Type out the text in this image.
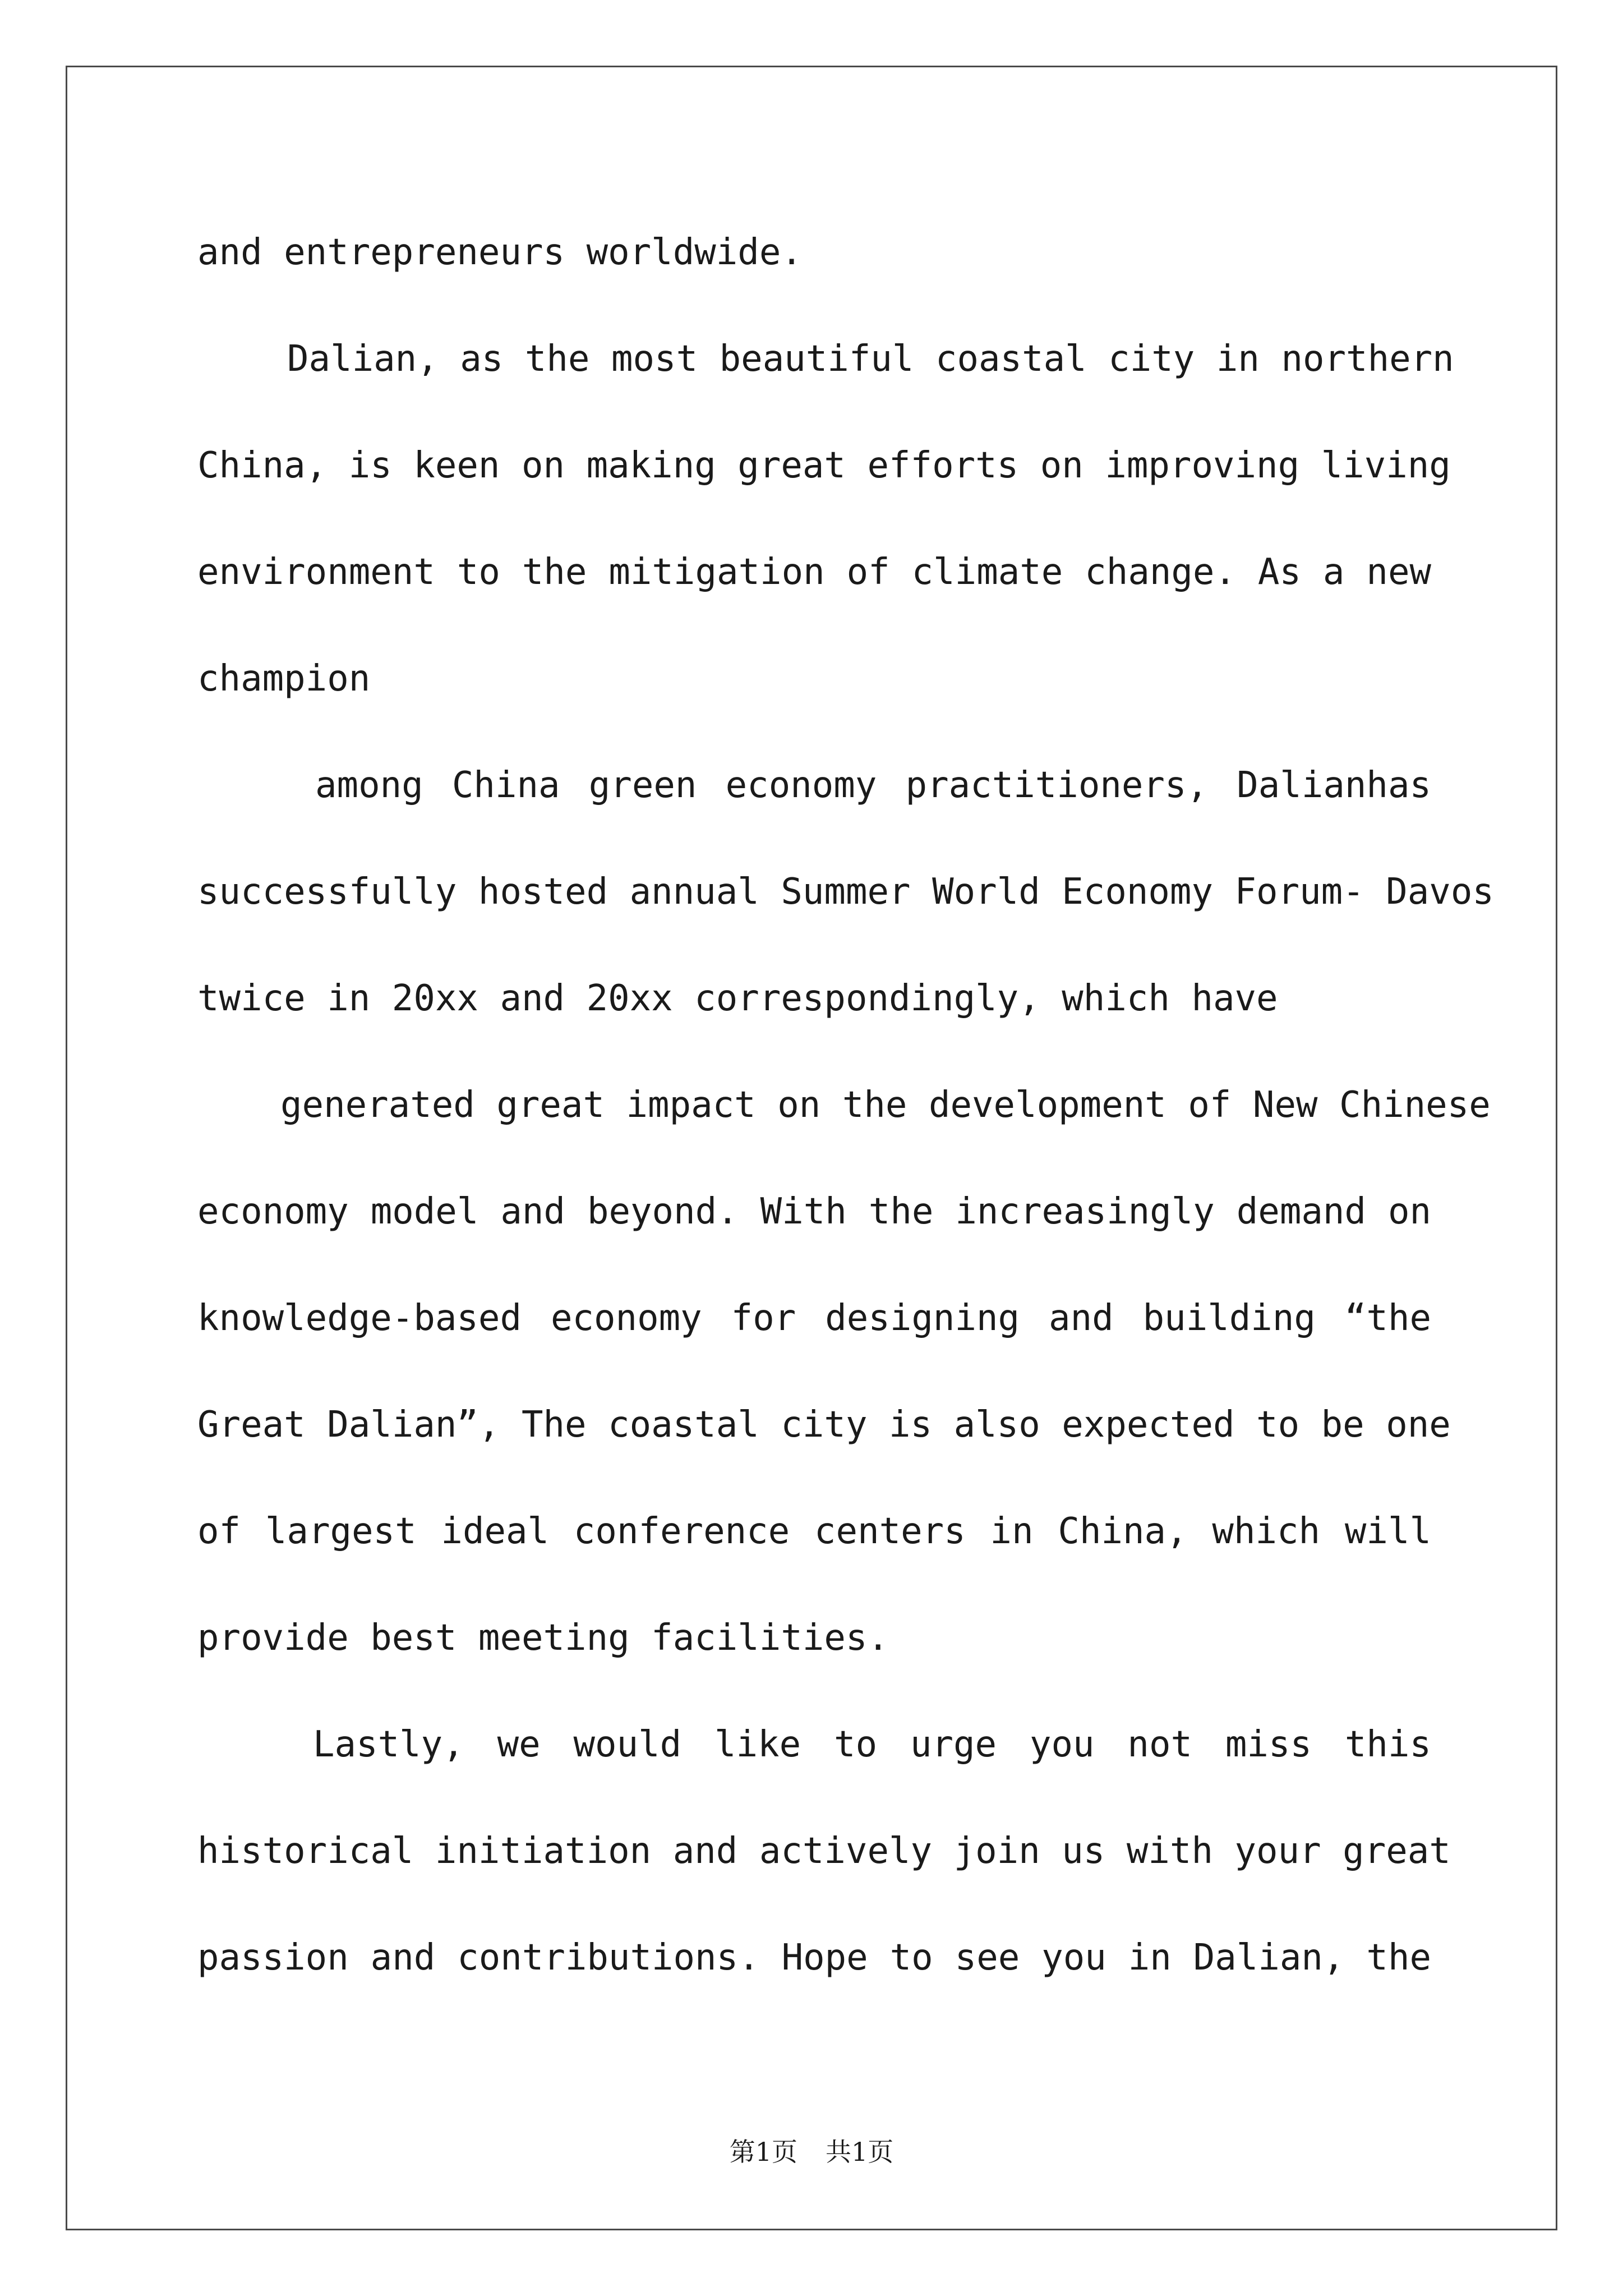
and entrepreneurs worldwide.
Dalian, as the most beautiful coastal city in northern
China, is keen on making great efforts on improving living
environment to the mitigation of climate change. As a new
champion
among China green economy practitioners, Dalianhas
successfully hosted annual Summer World Economy Forum- Davos
twice in 20xx and 20xx correspondingly, which have
generated great impact on the development of New Chinese
economy model and beyond. With the increasingly demand on
knowledge-based economy for designing and building “the
Great Dalian”, The coastal city is also expected to be one
of largest ideal conference centers in China, which will
provide best meeting facilities.
Lastly, we would like to urge you not miss this
historical initiation and actively join us with your great
passion and contributions. Hope to see you in Dalian, the
第1页 共1页
